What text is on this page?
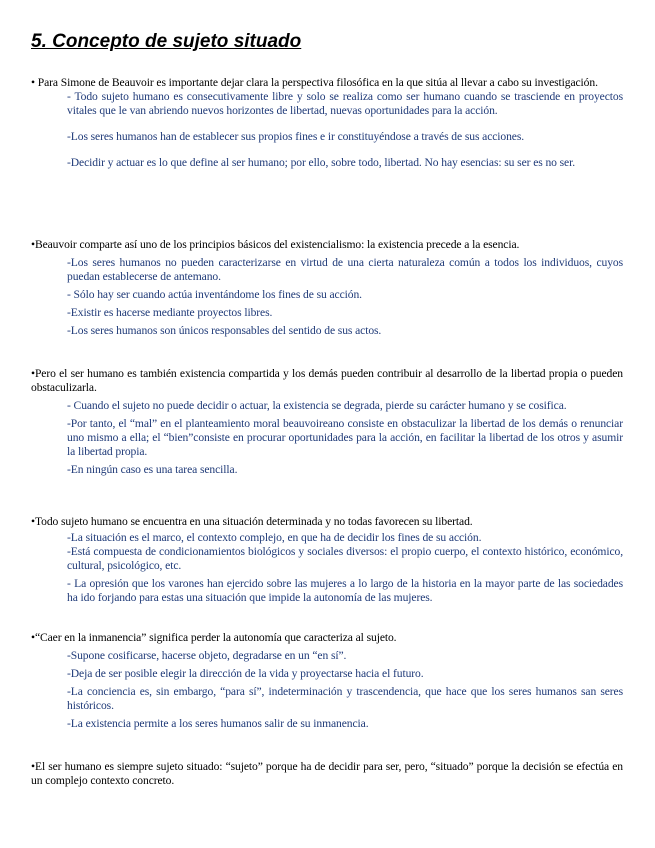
5. Concepto de sujeto situado
• Para Simone de Beauvoir es importante dejar clara la perspectiva filosófica en la que sitúa al llevar a cabo su investigación.
- Todo sujeto humano es consecutivamente libre y solo se realiza como ser humano cuando se trasciende en proyectos vitales que le van abriendo nuevos horizontes de libertad, nuevas oportunidades para la acción.
-Los seres humanos han de establecer sus propios fines e ir constituyéndose a través de sus acciones.
-Decidir y actuar es lo que define al ser humano; por ello, sobre todo, libertad. No hay esencias: su ser es no ser.
•Beauvoir comparte así uno de los principios básicos del existencialismo: la existencia precede a la esencia.
-Los seres humanos no pueden caracterizarse en virtud de una cierta naturaleza común a todos los individuos, cuyos puedan establecerse de antemano.
- Sólo hay ser cuando actúa inventándome los fines de su acción.
-Existir es hacerse mediante proyectos libres.
-Los seres humanos son únicos responsables del sentido de sus actos.
•Pero el ser humano es también existencia compartida y los demás pueden contribuir al desarrollo de la libertad propia o pueden obstaculizarla.
- Cuando el sujeto no puede decidir o actuar, la existencia se degrada, pierde su carácter humano y se cosifica.
-Por tanto, el “mal” en el planteamiento moral beauvoireano consiste en obstaculizar la libertad de los demás o renunciar uno mismo a ella; el “bien”consiste en procurar oportunidades para la acción, en facilitar la libertad de los otros y asumir la libertad propia.
-En ningún caso es una tarea sencilla.
•Todo sujeto humano se encuentra en una situación determinada y no todas favorecen su libertad.
-La situación es el marco, el contexto complejo, en que ha de decidir los fines de su acción.
-Está compuesta de condicionamientos biológicos y sociales diversos: el propio cuerpo, el contexto histórico, económico, cultural, psicológico, etc.
- La opresión que los varones han ejercido sobre las mujeres a lo largo de la historia en la mayor parte de las sociedades ha ido forjando para estas una situación que impide la autonomía de las mujeres.
•“Caer en la inmanencia” significa perder la autonomía que caracteriza al sujeto.
-Supone cosificarse, hacerse objeto, degradarse en un “en sí”.
-Deja de ser posible elegir la dirección de la vida y proyectarse hacia el futuro.
-La conciencia es, sin embargo, “para sí”, indeterminación y trascendencia, que hace que los seres humanos san seres históricos.
-La existencia permite a los seres humanos salir de su inmanencia.
•El ser humano es siempre sujeto situado: “sujeto” porque ha de decidir para ser, pero, “situado” porque la decisión se efectúa en un complejo contexto concreto.
